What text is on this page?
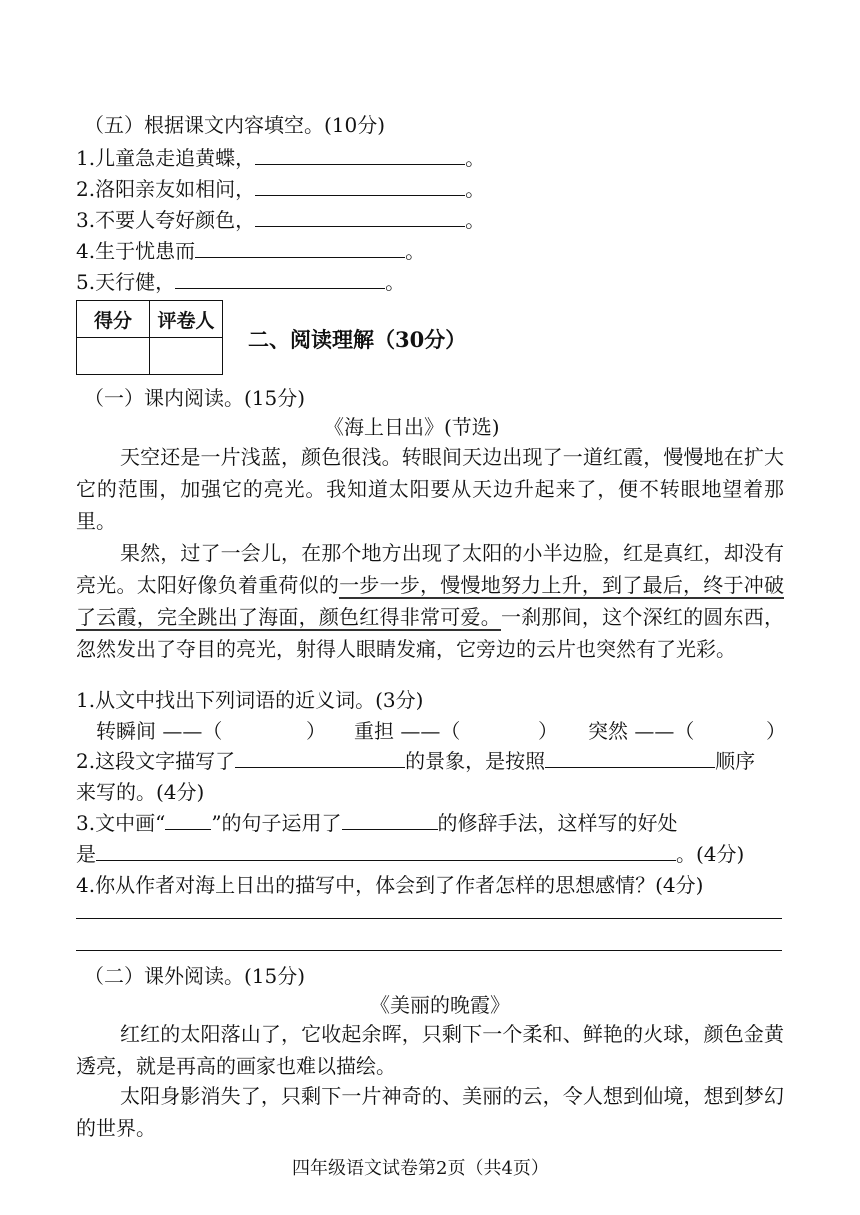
（五）根据课文内容填空。(10分)
1.儿童急走追黄蝶，	。
2.洛阳亲友如相问，	。
3.不要人夸好颜色，	。
4.生于忧患而	。
5.天行健，	。
得分	评卷人

二、阅读理解（30分）
（一）课内阅读。(15分)
《海上日出》(节选)
天空还是一片浅蓝，颜色很浅。转眼间天边出现了一道红霞，慢慢地在扩大它的范围，加强它的亮光。我知道太阳要从天边升起来了，便不转眼地望着那里。
果然，过了一会儿，在那个地方出现了太阳的小半边脸，红是真红，却没有亮光。太阳好像负着重荷似的一步一步，慢慢地努力上升，到了最后，终于冲破了云霞，完全跳出了海面，颜色红得非常可爱。一刹那间，这个深红的圆东西，忽然发出了夺目的亮光，射得人眼睛发痛，它旁边的云片也突然有了光彩。
1.从文中找出下列词语的近义词。(3分)
转瞬间 ——（	） 重担 ——（	） 突然 ——（	）
2.这段文字描写了	的景象，是按照	顺序
来写的。(4分)
3.文中画“ ”的句子运用了	的修辞手法，这样写的好处
是	。(4分)
4.你从作者对海上日出的描写中，体会到了作者怎样的思想感情？(4分)
（二）课外阅读。(15分)
《美丽的晚霞》
红红的太阳落山了，它收起余晖，只剩下一个柔和、鲜艳的火球，颜色金黄透亮，就是再高的画家也难以描绘。
太阳身影消失了，只剩下一片神奇的、美丽的云，令人想到仙境，想到梦幻的世界。
四年级语文试卷第2页（共4页）
